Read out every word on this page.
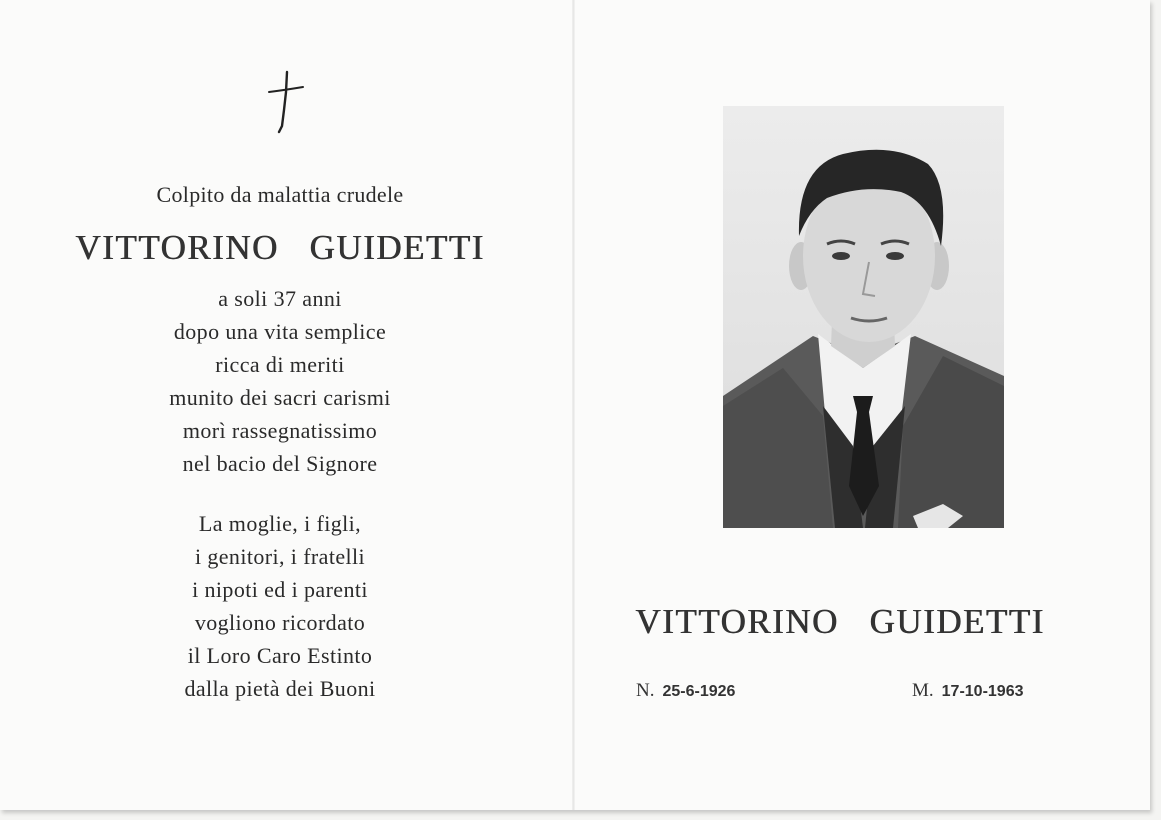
Colpito da malattia crudele
VITTORINO   GUIDETTI
a soli 37 anni
dopo una vita semplice
ricca di meriti
munito dei sacri carismi
morì rassegnatissimo
nel bacio del Signore
La moglie, i figli,
i genitori, i fratelli
i nipoti ed i parenti
vogliono ricordato
il Loro Caro Estinto
dalla pietà dei Buoni
VITTORINO   GUIDETTI
N. 25-6-1926	M. 17-10-1963
